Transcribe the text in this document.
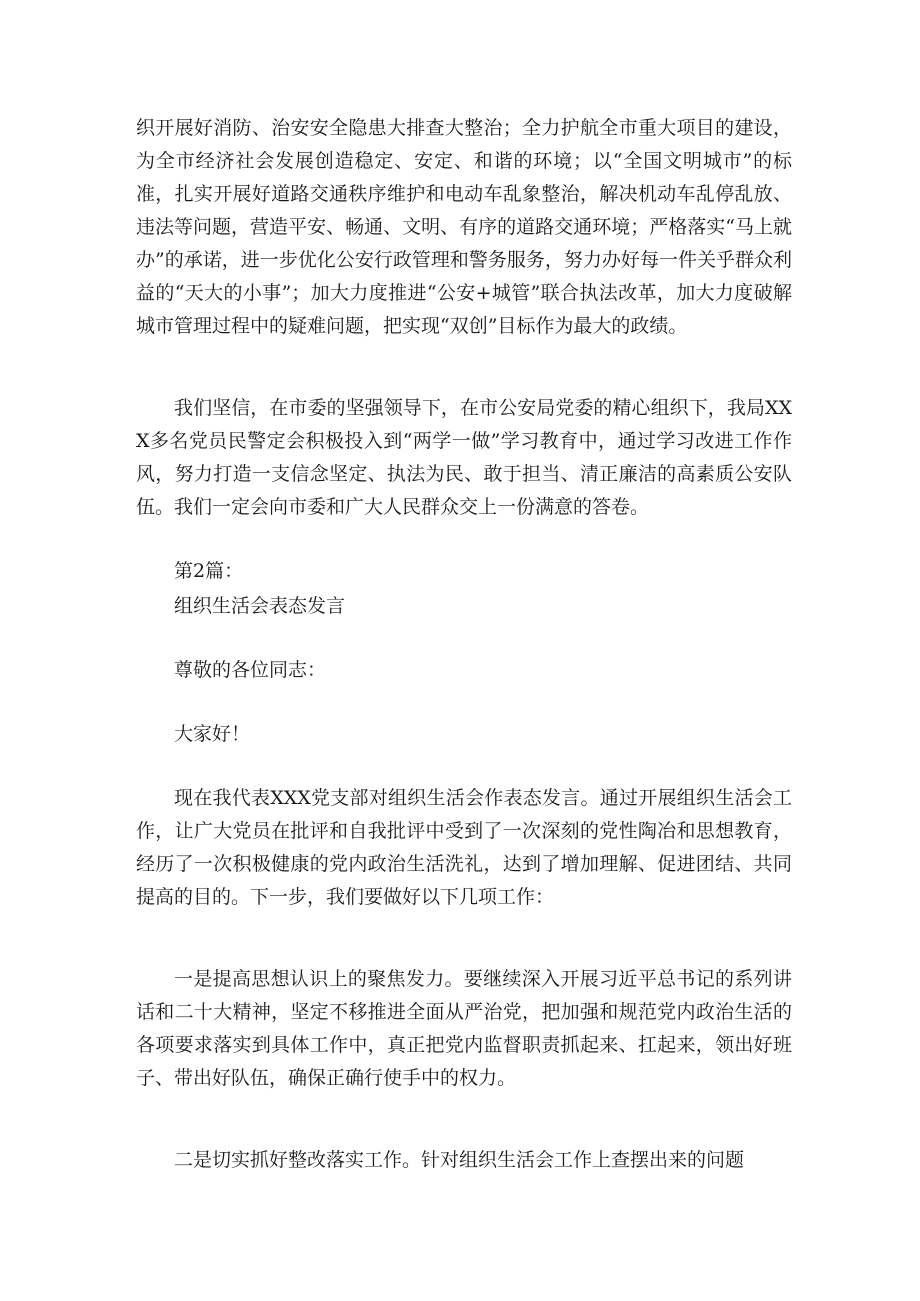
织开展好消防、治安安全隐患大排查大整治；全力护航全市重大项目的建设，为全市经济社会发展创造稳定、安定、和谐的环境；以“全国文明城市”的标准，扎实开展好道路交通秩序维护和电动车乱象整治，解决机动车乱停乱放、违法等问题，营造平安、畅通、文明、有序的道路交通环境；严格落实“马上就办”的承诺，进一步优化公安行政管理和警务服务，努力办好每一件关乎群众利益的“天大的小事”；加大力度推进“公安+城管”联合执法改革，加大力度破解城市管理过程中的疑难问题，把实现“双创”目标作为最大的政绩。

我们坚信，在市委的坚强领导下，在市公安局党委的精心组织下，我局XXX多名党员民警定会积极投入到“两学一做”学习教育中，通过学习改进工作作风，努力打造一支信念坚定、执法为民、敢于担当、清正廉洁的高素质公安队伍。我们一定会向市委和广大人民群众交上一份满意的答卷。

第2篇：

组织生活会表态发言

尊敬的各位同志：

大家好！

现在我代表XXX党支部对组织生活会作表态发言。通过开展组织生活会工作，让广大党员在批评和自我批评中受到了一次深刻的党性陶冶和思想教育，经历了一次积极健康的党内政治生活洗礼，达到了增加理解、促进团结、共同提高的目的。下一步，我们要做好以下几项工作：

一是提高思想认识上的聚焦发力。要继续深入开展习近平总书记的系列讲话和二十大精神，坚定不移推进全面从严治党，把加强和规范党内政治生活的各项要求落实到具体工作中，真正把党内监督职责抓起来、扛起来，领出好班子、带出好队伍，确保正确行使手中的权力。

二是切实抓好整改落实工作。针对组织生活会工作上查摆出来的问题
